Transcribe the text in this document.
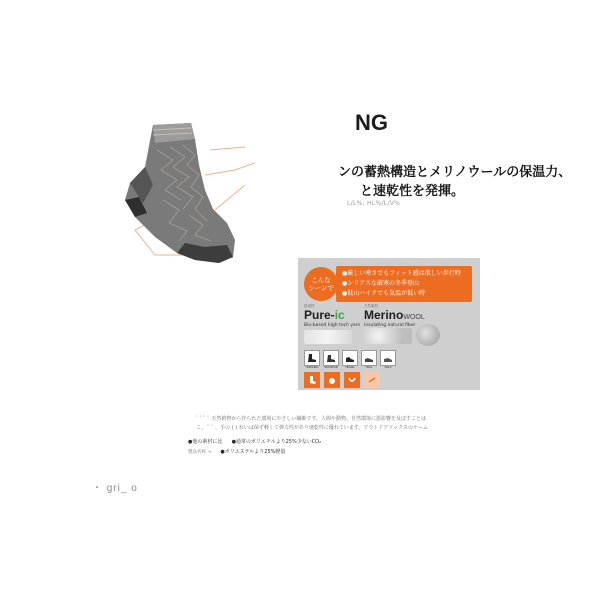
NG
ンの蓄熱構造とメリノウールの保温力、
と速乾性を発揮。
L/L%, HL%/L/V%
●厳しい寒さでもフィット感は欲しい歩行時
●シリアスな厳寒の冬季登山
●低山ハイクでも気温が低い時
こんな
シーンで
新素材
Pure-ic
Bio-based high tech yarn
天然素材
MerinoWOOL
Insulating natural fiber
TREKKING	MOUNTAIN	HIKING	TRAIL	WALK
ﾟ ﾟ ﾟ ﾟ 天然植物から作られた環境にやさしい繊維です。人間や動物、自然環境に悪影響を及ぼすことは
こ。 ﾟ ﾟ 。手の ( ) れいは保ず軽くて弾力性があり速乾性に優れています。アウトドアソックスのケーム
●他の素材に比 ●通常のポリエチルより25%少ないCO₂
製品名称 → ●ポリエステルより25%軽量
・ gri_ o
